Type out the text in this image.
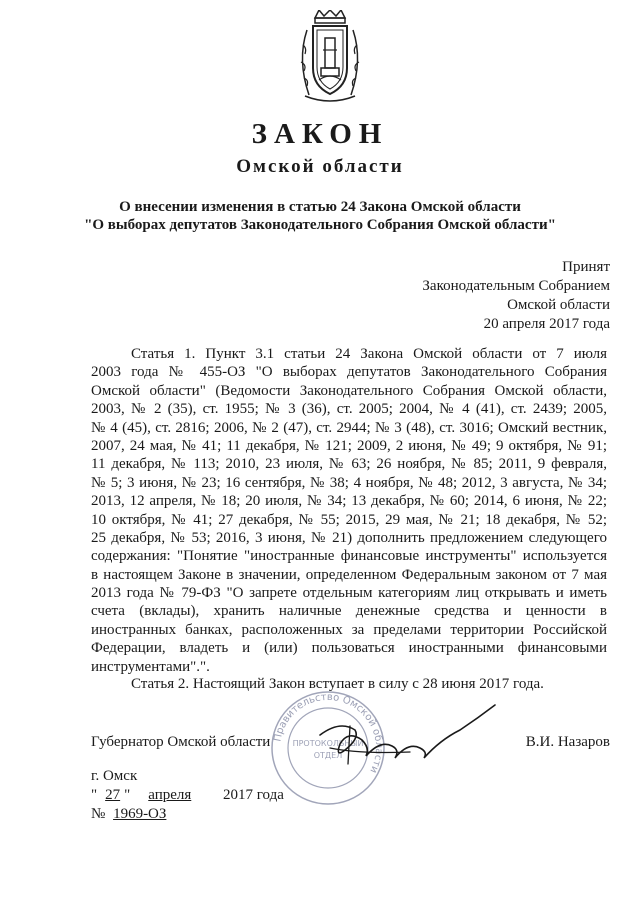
ЗАКОН
Омской области
О внесении изменения в статью 24 Закона Омской области
"О выборах депутатов Законодательного Собрания Омской области"
Принят
Законодательным Собранием
Омской области
20 апреля 2017 года
Статья 1. Пункт 3.1 статьи 24 Закона Омской области от 7 июля
2003 года № 455-ОЗ "О выборах депутатов Законодательного Собрания
Омской области" (Ведомости Законодательного Собрания Омской области,
2003, № 2 (35), ст. 1955; № 3 (36), ст. 2005; 2004, № 4 (41), ст. 2439; 2005,
№ 4 (45), ст. 2816; 2006, № 2 (47), ст. 2944; № 3 (48), ст. 3016; Омский вестник,
2007, 24 мая, № 41; 11 декабря, № 121; 2009, 2 июня, № 49; 9 октября, № 91;
11 декабря, № 113; 2010, 23 июля, № 63; 26 ноября, № 85; 2011, 9 февраля,
№ 5; 3 июня, № 23; 16 сентября, № 38; 4 ноября, № 48; 2012, 3 августа, № 34;
2013, 12 апреля, № 18; 20 июля, № 34; 13 декабря, № 60; 2014, 6 июня, № 22;
10 октября, № 41; 27 декабря, № 55; 2015, 29 мая, № 21; 18 декабря, № 52;
25 декабря, № 53; 2016, 3 июня, № 21) дополнить предложением следующего
содержания: "Понятие "иностранные финансовые инструменты" используется
в настоящем Законе в значении, определенном Федеральным законом от 7 мая
2013 года № 79-ФЗ "О запрете отдельным категориям лиц открывать и иметь
счета (вклады), хранить наличные денежные средства и ценности в
иностранных банках, расположенных за пределами территории Российской
Федерации, владеть и (или) пользоваться иностранными финансовыми
инструментами".".
Статья 2. Настоящий Закон вступает в силу с 28 июня 2017 года.
Правительство Омской области
ПРОТОКОЛЬНЫЙ
ОТДЕЛ
Губернатор Омской области	В.И. Назаров
г. Омск
" 27 " апреля 2017 года
№ 1969-ОЗ
